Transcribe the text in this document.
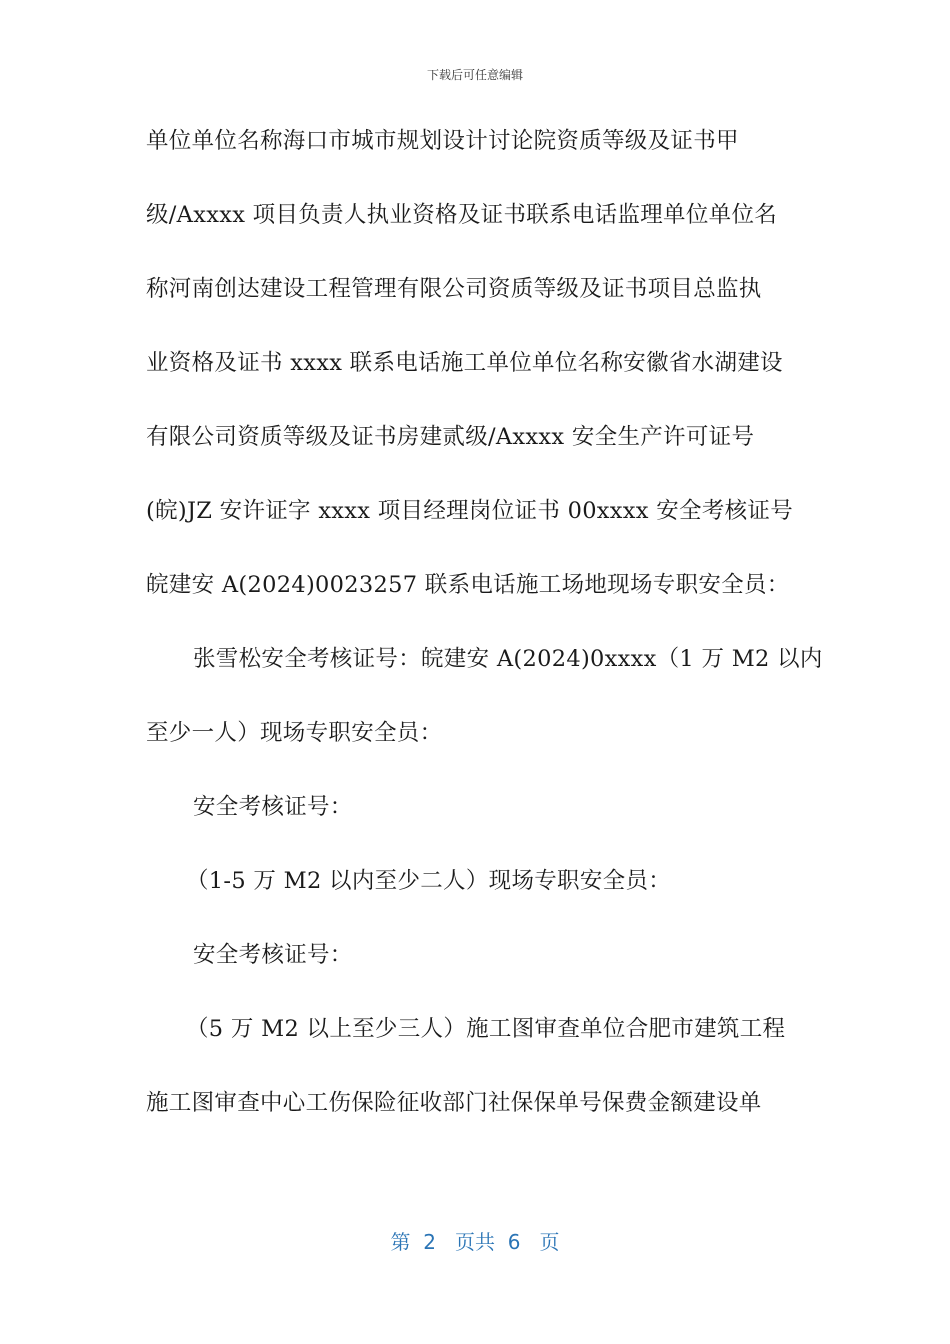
下载后可任意编辑
单位单位名称海口市城市规划设计讨论院资质等级及证书甲
级/Axxxx 项目负责人执业资格及证书联系电话监理单位单位名
称河南创达建设工程管理有限公司资质等级及证书项目总监执
业资格及证书 xxxx 联系电话施工单位单位名称安徽省水湖建设
有限公司资质等级及证书房建贰级/Axxxx 安全生产许可证号
(皖)JZ 安许证字 xxxx 项目经理岗位证书 00xxxx 安全考核证号
皖建安 A(2024)0023257 联系电话施工场地现场专职安全员：
张雪松安全考核证号：皖建安 A(2024)0xxxx（1 万 M2 以内
至少一人）现场专职安全员：
安全考核证号：
（1-5 万 M2 以内至少二人）现场专职安全员：
安全考核证号：
（5 万 M2 以上至少三人）施工图审查单位合肥市建筑工程
施工图审查中心工伤保险征收部门社保保单号保费金额建设单
第  2   页共  6   页
